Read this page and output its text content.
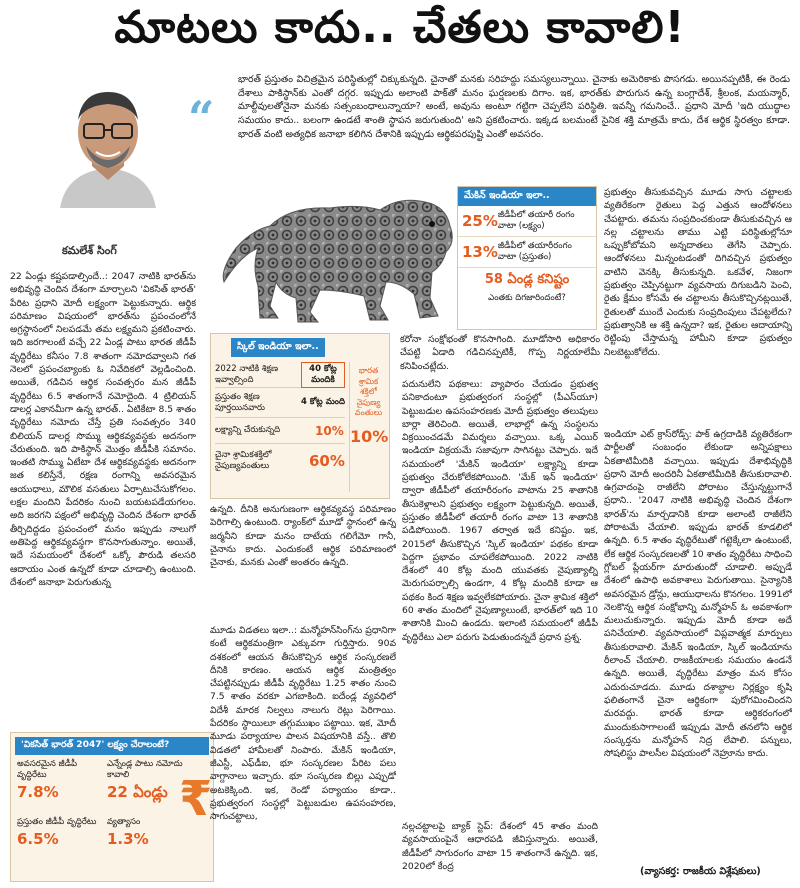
మాటలు కాదు.. చేతలు కావాలి!
కమలేశ్‌ సింగ్‌
“
భారత్‌ ప్రస్తుతం విచిత్రమైన పరిస్థితుల్లో చిక్కుకున్నది. చైనాతో మనకు సరిహద్దు సమస్యలున్నాయి. చైనాకు అమెరికాకు పొసగడు. అయినప్పటికీ, ఈ రెండు దేశాలు పాకిస్థాన్‌కు ఎంతో దగ్గర. ఇప్పుడు అలాంటి పాక్‌తో మనం ఘర్షణలకు దిగాం. ఇక, భారత్‌కు పొరుగున ఉన్న బంగ్లాదేశ్‌, శ్రీలంక, మయన్మార్‌, మాల్దీవులతోనైనా మనకు సత్సంబంధాలున్నాయా? అంటే, అవును అంటూ గట్టిగా చెప్పలేని పరిస్థితి. ఇవన్నీ గమనించే.. ప్రధాని మోదీ 'ఇది యుద్ధాల సమయం కాదు.. బలంగా ఉండటే శాంతి స్థాపన జరుగుతుంది' అని ప్రకటించారు. ఇక్కడ బలమంటే సైనిక శక్తి మాత్రమే కాదు, దేశ ఆర్థిక స్థిరత్వం కూడా. భారత్‌ వంటి అత్యధిక జనాభా కలిగిన దేశానికి ఇప్పుడు ఆర్థికపరపుష్టి ఎంతో అవసరం.
మేకిన్‌ ఇండియా ఇలా..
25% జీడీపీలో తయారీ రంగం వాటా (లక్ష్యం)
13% జీడీపీలో తయారీరంగం వాటా (ప్రస్తుతం)
58 ఏండ్ల కనిష్టం
ఎంతకు దిగజారిందంటే?
స్కిల్‌ ఇండియా ఇలా..
2022 నాటికి శిక్షణ ఇవ్వాల్సింది
40 కోట్ల మందికి
ప్రస్తుతం శిక్షణ పూర్తయినవారు
4 కోట్ల మంది
లక్ష్యాన్ని చేరుకున్నది	10%
చైనా శ్రామికశక్తిలో నైపుణ్యవంతులు	60%
భారత శ్రామిక శక్తిలో నైపుణ్య వంతులు
10%

22 ఏండ్లు కష్టపడాల్సిందే..: 2047 నాటికి భారత్‌ను అభివృద్ధి చెందిన దేశంగా మార్చాలని 'వికసిత్‌ భారత్‌' పేరిట ప్రధాని మోదీ లక్ష్యంగా పెట్టుకున్నారు. ఆర్థిక పరిమాణం విషయంలో భారత్‌ను ప్రపంచంలోనే అగ్రస్థానంలో నిలపడమే తమ లక్ష్యమని ప్రకటించారు. ఇది జరగాలంటే వచ్చే 22 ఏండ్ల పాటు భారత జీడీపీ వృద్ధిరేటు కనీసం 7.8 శాతంగా నమోదవ్వాలని గత నెలలో ప్రపంచబ్యాంకు ఓ నివేదికలో వెల్లడించింది. అయితే, గడిచిన ఆర్థిక సంవత్సరం మన జీడీపీ వృద్ధిరేటు 6.5 శాతంగానే నమోదైంది. 4 ట్రిలియన్‌ డాలర్ల ఎకానమీగా ఉన్న భారత్‌.. ఏటికేటా 8.5 శాతం వృద్ధిరేటు నమోదు చేస్తే ప్రతి సంవత్సరం 340 బిలియన్‌ డాలర్ల సొమ్ము ఆర్థికవ్యవస్థకు అదనంగా చేరుతుంది. ఇది పాకిస్థాన్‌ మొత్తం జీడీపీకి సమానం. ఇంతటి సొమ్ము ఏటేటా దేశ ఆర్థికవ్యవస్థకు అదనంగా జత కలిస్తేనే, రక్షణ రంగాన్ని అవసరమైన ఆయుధాలు, మౌలిక వసతులు ఏర్పాటుచేసుకోగలం. లక్షల మందిని పేదరికం నుంచి బయటపడేయగలం. అది జరగని పక్షంలో అభివృద్ధి చెందిన దేశంగా భారత్‌ తీర్చిదిద్దడం ప్రపంచంలో మనం ఇప్పుడు నాలుగో అతిపెద్ద ఆర్థికవ్యవస్థగా కొనసాగుతున్నాం. అయితే, ఇదే సమయంలో దేశంలో ఒక్కో పౌరుడి తలసరి ఆదాయం ఎంత ఉన్నదో కూడా చూడాల్సి ఉంటుంది. దేశంలో జనాభా పెరుగుతున్న

'వికసిత్‌ భారత్‌ 2047' లక్ష్యం చేరాలంటే?
అవసరమైన జీడీపీ వృద్ధిరేటు
7.8%
ఎన్నేండ్ల పాటు నమోదు కావాలి
22 ఏండ్లు
ప్రస్తుతం జీడీపీ వృద్ధిరేటు
6.5%
వ్యత్యాసం
1.3%
₹

కరోనా సంక్షోభంతో కొనసాగింది. మూడోసారి అధికారం చేపట్టి ఏడాది గడిచినప్పటికీ, గొప్ప నిర్ణయాలేమీ కనిపించట్లేదు.

ఉన్నది. దీనికి అనుగుణంగా ఆర్థికవ్యవస్థ పరిమాణం పెరిగాల్సి ఉంటుంది. ర్యాంక్‌లో మూడో స్థానంలో ఉన్న జర్మనీని కూడా మనం దాటేయ గలిగేమో గానీ, చైనాను కాదు. ఎందుకంటే ఆర్థిక పరిమాణంలో చైనాకు, మనకు ఎంతో అంతరం ఉన్నది.

మూడు విడతలు ఇలా..: మన్మోహన్‌సింగ్‌ను ప్రధానిగా కంటే ఆర్థికమంత్రిగా ఎక్కువగా గుర్తిస్తారు. 90వ దశకంలో ఆయన తీసుకొచ్చిన ఆర్థిక సంస్కరణలే దీనికి కారణం. ఆయన ఆర్థిక మంత్రిత్వం చేపట్టినప్పుడు జీడీపీ వృద్ధిరేటు 1.25 శాతం నుంచి 7.5 శాతం వరకూ ఎగబాకింది. ఐదేండ్ల వ్యవధిలో విదేశీ మారక నిల్వలు నాలుగు రెట్లు పెరిగాయి. పేదరికం స్థాయిలూ తగ్గుముఖం పట్టాయి. ఇక, మోదీ మూడు పర్యాయాల పాలన విషయానికి వస్తే.. తొలి విడతలో హామీలతో నింపారు. మేకిన్‌ ఇండియా, జీఎస్టీ, ఎఫ్‌డీఐ, భూ సంస్కరణల పేరిట పలు వాగ్దానాలు ఇచ్చారు. భూ సంస్కరణ బిల్లు ఎప్పుడో అటకెక్కింది. ఇక, రెండో పర్యాయం కూడా.. ప్రభుత్వరంగ సంస్థల్లో పెట్టుబడుల ఉపసంహరణ, సాగుచట్టాలు,

పదునులేని పథకాలు: వ్యాపారం చేయడం ప్రభుత్వ పనికాదంటూ ప్రభుత్వరంగ సంస్థల్లో (పీఎస్‌యూ) పెట్టుబడుల ఉపసంహరణకు మోదీ ప్రభుత్వం తలుపులు బార్లా తెరిచింది. అయితే, లాభాల్లో ఉన్న సంస్థలను విక్రయించడమే విమర్శలు వచ్చాయి. ఒక్క ఎయిర్‌ ఇండియా విక్రయమే సజావుగా సాగినట్టు చెప్పారు. ఇదే సమయంలో 'మేకిన్‌ ఇండియా' లక్ష్యాన్ని కూడా ప్రభుత్వం చేరుకోలేకపోయింది. 'మేక్‌ ఇన్‌ ఇండియా' ద్వారా జీడీపీలో తయారీరంగం వాటాను 25 శాతానికి తీసుకెళ్లాలని ప్రభుత్వం లక్ష్యంగా పెట్టుకున్నది. అయితే, ప్రస్తుతం జీడీపీలో తయారీ రంగం వాటా 13 శాతానికి పడిపోయింది. 1967 తర్వాత ఇదే కనిష్టం. ఇక, 2015లో తీసుకొచ్చిన 'స్కిల్‌ ఇండియా' పథకం కూడా పెద్దగా ప్రభావం చూపలేకపోయింది. 2022 నాటికి దేశంలో 40 కోట్ల మంది యువతకు నైపుణ్యాల్ని మెరుగుపర్చాల్సి ఉండగా, 4 కోట్ల మందికి కూడా ఆ పథకం కింద శిక్షణ ఇవ్వలేకపోయారు. చైనా శ్రామిక శక్తిలో 60 శాతం మందిలో నైపుణ్యాలుంటే, భారత్‌లో ఇది 10 శాతానికి మించి ఉండదు. ఇలాంటి సమయంలో జీడీపీ వృద్ధిరేటు ఎలా పరుగు పెడుతుందన్నదే ప్రధాన ప్రశ్న.

నల్లచట్టాలపై బ్యాక్‌ స్టెప్‌: దేశంలో 45 శాతం మంది వ్యవసాయంపైనే ఆధారపడి జీవిస్తున్నారు. అయితే, జీడీపీలో సాగురంగం వాటా 15 శాతంగానే ఉన్నది. ఇక, 2020లో కేంద్ర

ప్రభుత్వం తీసుకువచ్చిన మూడు సాగు చట్టాలకు వ్యతిరేకంగా రైతులు పెద్ద ఎత్తున ఆందోళనలు చేపట్టారు. తమను సంప్రదించకుండా తీసుకువచ్చిన ఆ నల్ల చట్టాలను తాము ఎట్టి పరిస్థితుల్లోనూ ఒప్పుకోబోమని అన్నదాతలు తెగేసి చెప్పారు. ఆందోళనలు మిన్నంటడంతో దిగివచ్చిన ప్రభుత్వం వాటిని వెనక్కి తీసుకున్నది. ఒకవేళ, నిజంగా ప్రభుత్వం చెప్పినట్టుగా వ్యవసాయ దిగుబడిని పెంచి, రైతు క్షేమం కోసమే ఈ చట్టాలను తీసుకొచ్చినట్లయితే, రైతులతో ముందే ఎందుకు సంప్రదింపులు చేపట్టలేదు? ప్రభుత్వానికి ఆ శక్తి ఉన్నదా? ఇక, రైతుల ఆదాయాన్ని రెట్టింపు చేస్తామన్న హామీని కూడా ప్రభుత్వం నిలబెట్టుకోలేదు.

ఇండియా ఎట్‌ క్రాస్‌రోడ్స్‌: పాక్‌ ఉగ్రదాడికి వ్యతిరేకంగా పార్టీలతో సంబంధం లేకుండా అన్నిపక్షాలు ఏకతాటిమీదికి వచ్చాయి. ఇప్పుడు దేశాభివృద్ధికి ప్రధాని మోదీ అందరినీ ఏకతాటిమీదికి తీసుకురావాలి. ఉగ్రవాదంపై రాజీలేని పోరాటం చేస్తున్నట్టుగానే ప్రధాని.. '2047 నాటికి అభివృద్ధి చెందిన దేశంగా భారత్‌'ను మార్చడానికి కూడా అలాంటి రాజీలేని పోరాటమే చేయాలి. ఇప్పుడు భారత్‌ కూడలిలో ఉన్నది. 6.5 శాతం వృద్ధిరేటుతో గట్టెక్కేలా ఉంటుంటే, లేక ఆర్థిక సంస్కరణలతో 10 శాతం వృద్ధిరేటు సాధించి గ్లోబల్‌ ప్లేయర్‌గా మారుతుందో చూడాలి. అప్పుడే దేశంలో ఉపాధి అవకాశాలు పెరుగుతాయి. సైన్యానికి అవసరమైన డ్రోన్లు, ఆయుధాలను కొనగలం. 1991లో నెలకొన్న ఆర్థిక సంక్షోభాన్ని మన్మోహన్‌ ఓ అవకాశంగా మలుచుకున్నారు. ఇప్పుడు మోదీ కూడా అదే పనిచేయాలి. వ్యవసాయంలో విప్లవాత్మక మార్పులు తీసుకురావాలి. మేకిన్‌ ఇండియా, స్కిల్‌ ఇండియాను రీలాంచ్‌ చేయాలి. రాజకీయాలకు సమయం ఉండనే ఉన్నది. అయితే, వృద్ధిరేటు మాత్రం మన కోసం ఎదురుచూడదు. మూడు దశాబ్దాల నిర్లక్ష్యం కృషి ఫలితంగానే చైనా ఆర్థికంగా పురోగమించిందని మరవద్దు. భారత్‌ కూడా ఆర్థికరంగంలో ముందుకుసాగాలంటే ఇప్పుడు మోదీ తనలోని ఆర్థిక సంస్కర్తను మన్మోహన్‌ నిద్ర లేపాలి. పన్నులు, సోషలిస్టు పాలసీల విషయంలో నెహ్రూను కాదు.

(వ్యాసకర్త: రాజకీయ విశ్లేషకులు)
